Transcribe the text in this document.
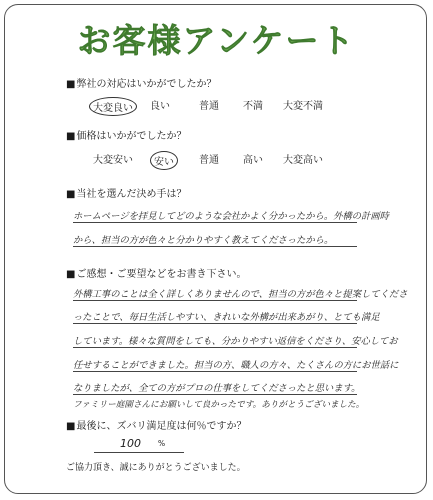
お客様アンケート
■ 弊社の対応はいかがでしたか？
大変良い	良い	普通 不満 大変不満
■ 価格はいかがでしたか？
大変安い	安い	普通 高い 大変高い
■ 当社を選んだ決め手は？
ホームページを拝見してどのような会社かよく分かったから。外構の計画時
から、担当の方が色々と分かりやすく教えてくださったから。
■ ご感想・ご要望などをお書き下さい。
外構工事のことは全く詳しくありませんので、担当の方が色々と提案してくださ
ったことで、毎日生活しやすい、きれいな外構が出来あがり、とても満足
しています。様々な質問をしても、分かりやすい返信をくださり、安心してお
任せすることができました。担当の方、職人の方々、たくさんの方にお世話に
なりましたが、全ての方がプロの仕事をしてくださったと思います。
ファミリー庭園さんにお願いして良かったです。ありがとうございました。
■ 最後に、ズバリ満足度は何％ですか？
100 %
ご協力頂き、誠にありがとうございました。
